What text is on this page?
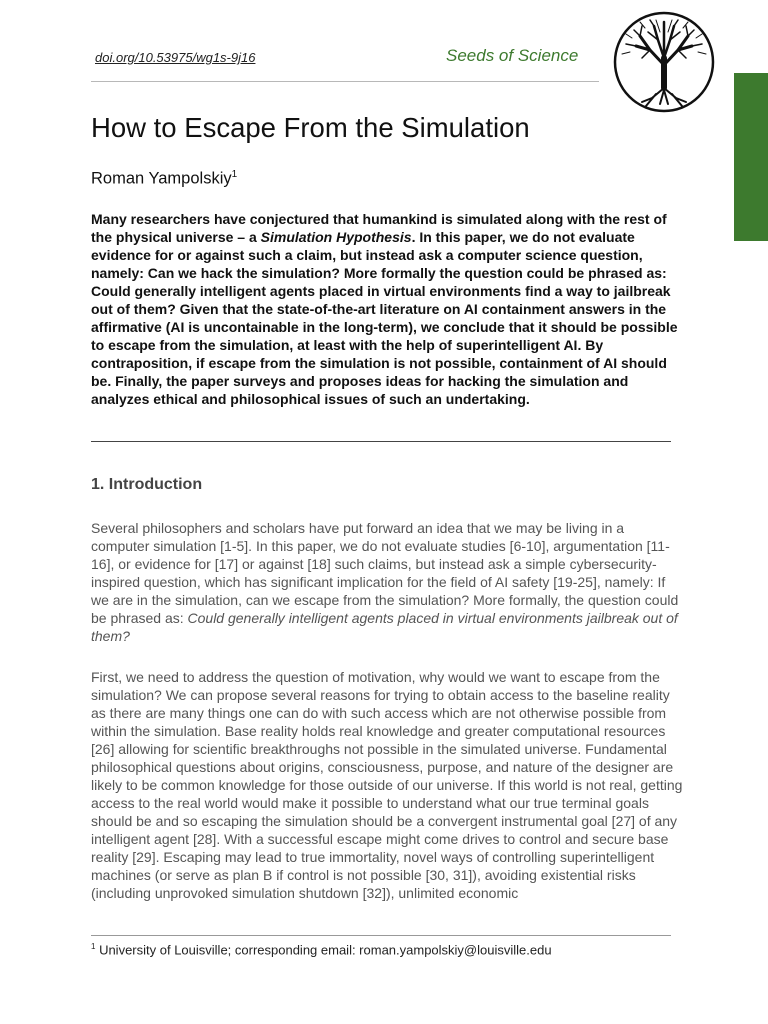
doi.org/10.53975/wg1s-9j16	Seeds of Science
How to Escape From the Simulation
Roman Yampolskiy$^1$

Many researchers have conjectured that humankind is simulated along with the rest of the physical universe – a Simulation Hypothesis. In this paper, we do not evaluate evidence for or against such a claim, but instead ask a computer science question, namely: Can we hack the simulation? More formally the question could be phrased as: Could generally intelligent agents placed in virtual environments find a way to jailbreak out of them? Given that the state-of-the-art literature on AI containment answers in the affirmative (AI is uncontainable in the long-term), we conclude that it should be possible to escape from the simulation, at least with the help of superintelligent AI. By contraposition, if escape from the simulation is not possible, containment of AI should be. Finally, the paper surveys and proposes ideas for hacking the simulation and analyzes ethical and philosophical issues of such an undertaking.

1. Introduction

Several philosophers and scholars have put forward an idea that we may be living in a computer simulation [1-5]. In this paper, we do not evaluate studies [6-10], argumentation [11-16], or evidence for [17] or against [18] such claims, but instead ask a simple cybersecurity-inspired question, which has significant implication for the field of AI safety [19-25], namely: If we are in the simulation, can we escape from the simulation? More formally, the question could be phrased as: Could generally intelligent agents placed in virtual environments jailbreak out of them?

First, we need to address the question of motivation, why would we want to escape from the simulation? We can propose several reasons for trying to obtain access to the baseline reality as there are many things one can do with such access which are not otherwise possible from within the simulation. Base reality holds real knowledge and greater computational resources [26] allowing for scientific breakthroughs not possible in the simulated universe. Fundamental philosophical questions about origins, consciousness, purpose, and nature of the designer are likely to be common knowledge for those outside of our universe. If this world is not real, getting access to the real world would make it possible to understand what our true terminal goals should be and so escaping the simulation should be a convergent instrumental goal [27] of any intelligent agent [28]. With a successful escape might come drives to control and secure base reality [29]. Escaping may lead to true immortality, novel ways of controlling superintelligent machines (or serve as plan B if control is not possible [30, 31]), avoiding existential risks (including unprovoked simulation shutdown [32]), unlimited economic

$^1$ University of Louisville; corresponding email: roman.yampolskiy@louisville.edu
